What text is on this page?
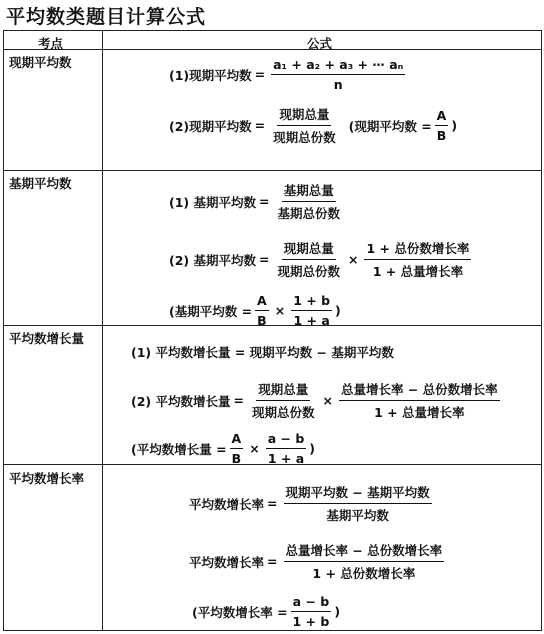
平均数类题目计算公式
考点	公式
现期平均数
(1)现期平均数 = $\frac{\text{a₁ + a₂ + a₃ + ⋯ aₙ}}{n}$
(2)现期平均数 = $\frac{\text{现期总量}}{\text{现期总份数}}$ (现期平均数 = $\frac{A}{B}$ )
基期平均数
(1) 基期平均数 = $\frac{\text{基期总量}}{\text{基期总份数}}$
(2) 基期平均数 = $\frac{\text{现期总量}}{\text{现期总份数}} \times \frac{\text{1 + 总份数增长率}}{\text{1 + 总量增长率}}$
(基期平均数 = $\frac{A}{B} \times \frac{1 + b}{1 + a}$ )
平均数增长量
(1) 平均数增长量 = 现期平均数 − 基期平均数
(2) 平均数增长量 = $\frac{\text{现期总量}}{\text{现期总份数}} \times \frac{\text{总量增长率 − 总份数增长率}}{\text{1 + 总量增长率}}$
(平均数增长量 = $\frac{A}{B} \times \frac{a - b}{1 + a}$ )
平均数增长率
平均数增长率 = $\frac{\text{现期平均数 − 基期平均数}}{\text{基期平均数}}$
平均数增长率 = $\frac{\text{总量增长率 − 总份数增长率}}{\text{1 + 总份数增长率}}$
(平均数增长率 = $\frac{a - b}{1 + b}$ )
